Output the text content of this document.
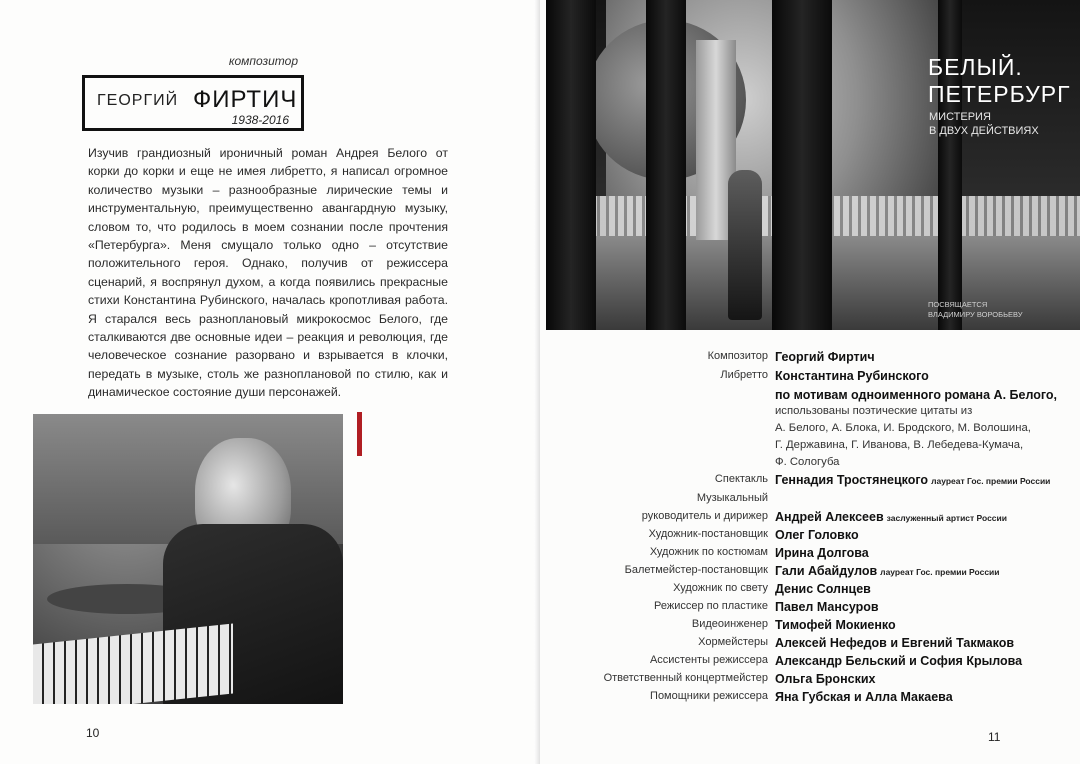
композитор
ГЕОРГИЙ ФИРТИЧ
1938-2016

Изучив грандиозный ироничный роман Андрея Белого от корки до корки и еще не имея либретто, я написал огромное количество музыки – разнообразные лирические темы и инструментальную, преимущественно авангардную музыку, словом то, что родилось в моем сознании после прочтения «Петербурга». Меня смущало только одно – отсутствие положительного героя. Однако, получив от режиссера сценарий, я воспрянул духом, а когда появились прекрасные стихи Константина Рубинского, началась кропотливая работа. Я старался весь разноплановый микрокосмос Белого, где сталкиваются две основные идеи – реакция и революция, где человеческое сознание разорвано и взрывается в клочки, передать в музыке, столь же разноплановой по стилю, как и динамическое состояние души персонажей.

10
БЕЛЫЙ.
ПЕТЕРБУРГ
МИСТЕРИЯ
В ДВУХ ДЕЙСТВИЯХ
ПОСВЯЩАЕТСЯ
ВЛАДИМИРУ ВОРОБЬЕВУ
Композитор Георгий Фиртич
Либретто Константина Рубинского
по мотивам одноименного романа А. Белого,
использованы поэтические цитаты из
А. Белого, А. Блока, И. Бродского, М. Волошина,
Г. Державина, Г. Иванова, В. Лебедева-Кумача,
Ф. Сологуба
Спектакль Геннадия Тростянецкого лауреат Гос. премии России
Музыкальный
руководитель и дирижер Андрей Алексеев заслуженный артист России
Художник-постановщик Олег Головко
Художник по костюмам Ирина Долгова
Балетмейстер-постановщик Гали Абайдулов лауреат Гос. премии России
Художник по свету Денис Солнцев
Режиссер по пластике Павел Мансуров
Видеоинженер Тимофей Мокиенко
Хормейстеры Алексей Нефедов и Евгений Такмаков
Ассистенты режиссера Александр Бельский и София Крылова
Ответственный концертмейстер Ольга Бронских
Помощники режиссера Яна Губская и Алла Макаева
11
